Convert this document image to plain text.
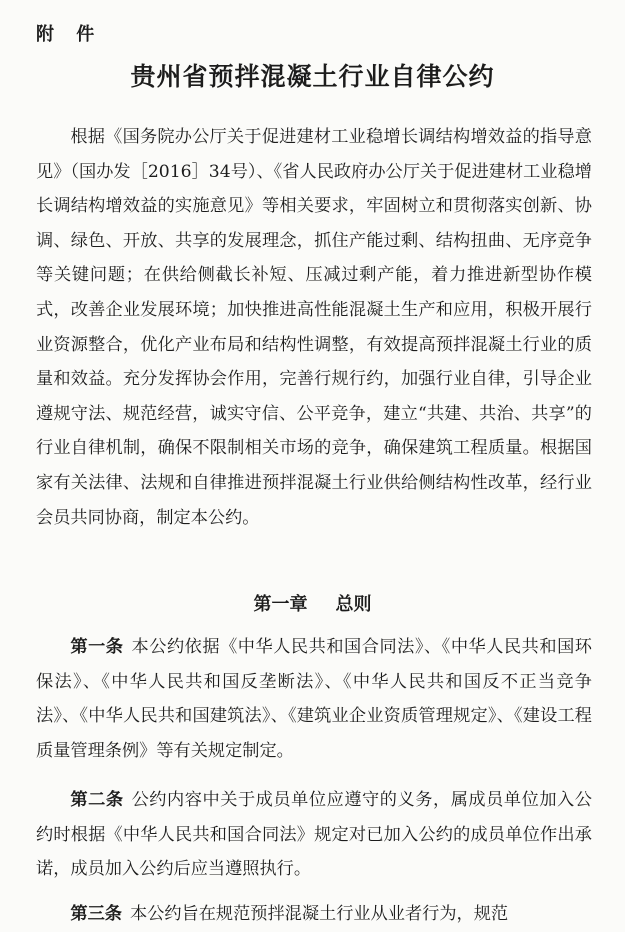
附 件
贵州省预拌混凝土行业自律公约

根据《国务院办公厅关于促进建材工业稳增长调结构增效益的指导意见》（国办发［2016］34号）、《省人民政府办公厅关于促进建材工业稳增长调结构增效益的实施意见》等相关要求，牢固树立和贯彻落实创新、协调、绿色、开放、共享的发展理念，抓住产能过剩、结构扭曲、无序竞争等关键问题；在供给侧截长补短、压减过剩产能，着力推进新型协作模式，改善企业发展环境；加快推进高性能混凝土生产和应用，积极开展行业资源整合，优化产业布局和结构性调整，有效提高预拌混凝土行业的质量和效益。充分发挥协会作用，完善行规行约，加强行业自律，引导企业遵规守法、规范经营，诚实守信、公平竞争，建立“共建、共治、共享”的行业自律机制，确保不限制相关市场的竞争，确保建筑工程质量。根据国家有关法律、法规和自律推进预拌混凝土行业供给侧结构性改革，经行业会员共同协商，制定本公约。

第一章 总则

第一条 本公约依据《中华人民共和国合同法》、《中华人民共和国环保法》、《中华人民共和国反垄断法》、《中华人民共和国反不正当竞争法》、《中华人民共和国建筑法》、《建筑业企业资质管理规定》、《建设工程质量管理条例》等有关规定制定。

第二条 公约内容中关于成员单位应遵守的义务，属成员单位加入公约时根据《中华人民共和国合同法》规定对已加入公约的成员单位作出承诺，成员加入公约后应当遵照执行。

第三条 本公约旨在规范预拌混凝土行业从业者行为，规范
